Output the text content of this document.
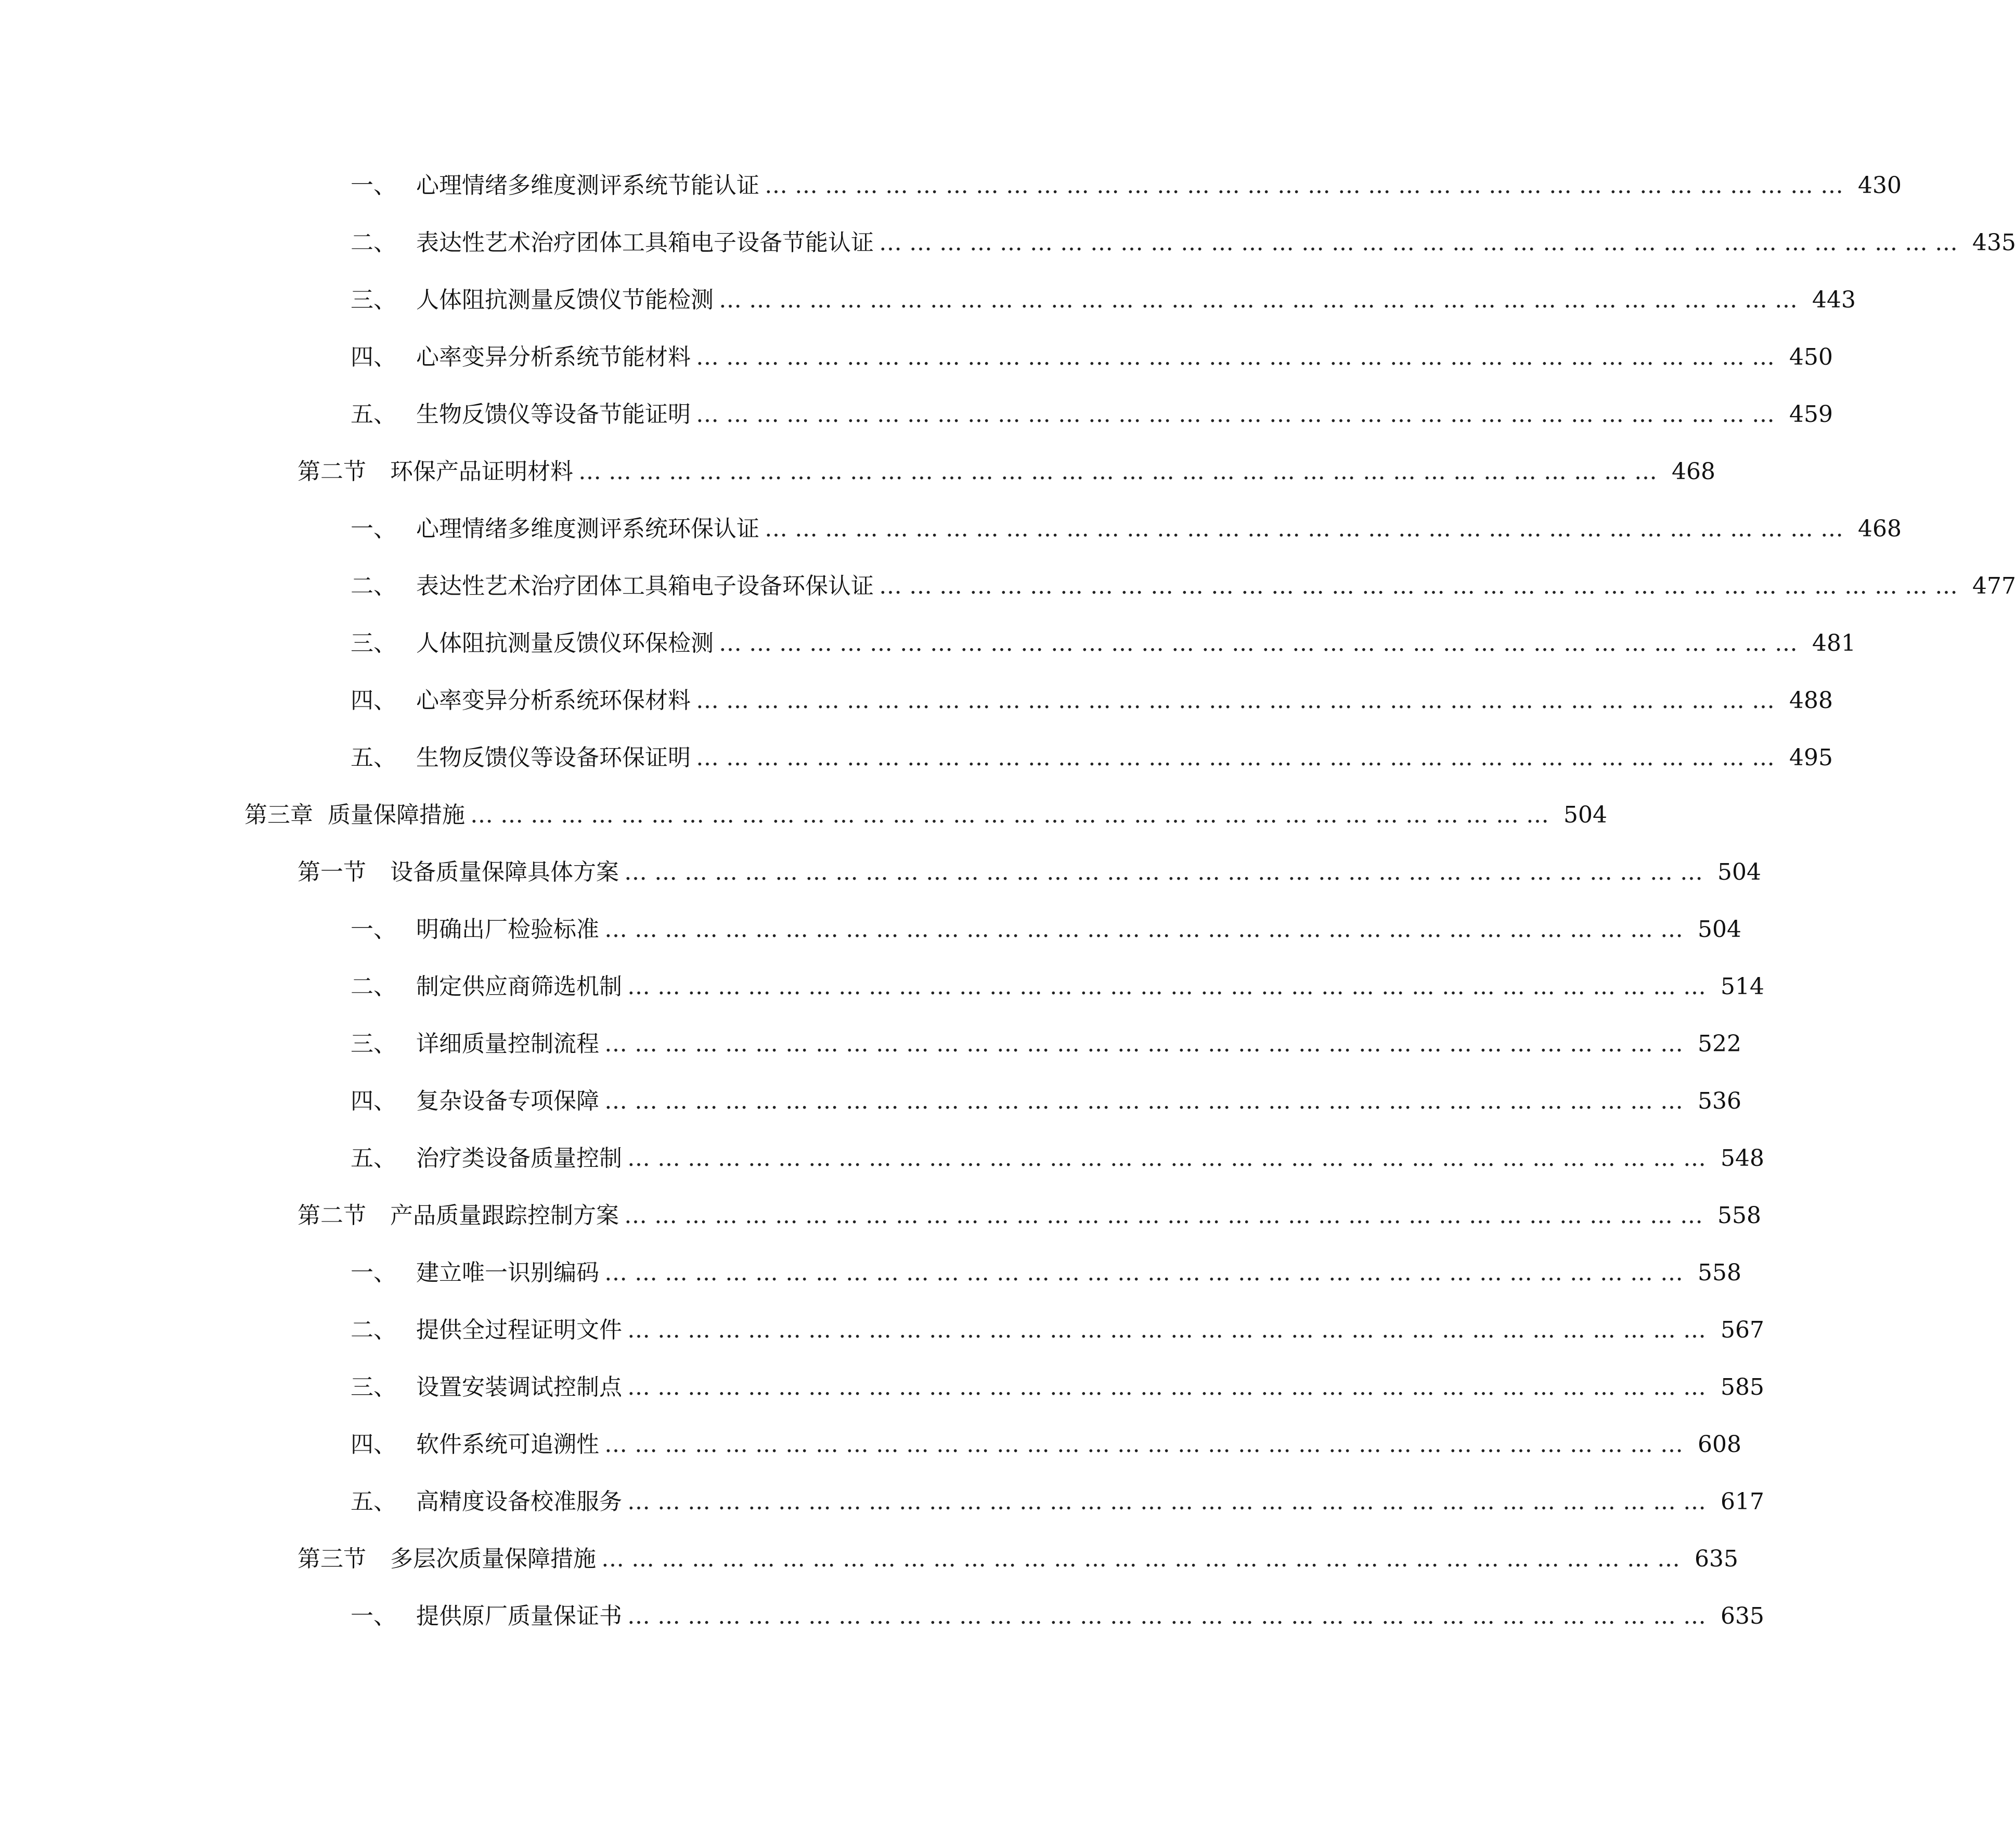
一、 心理情绪多维度测评系统节能认证 ……………………………………………………………………………………………… 430
二、 表达性艺术治疗团体工具箱电子设备节能认证 ……………………………………………………………………………………………… 435
三、 人体阻抗测量反馈仪节能检测 ……………………………………………………………………………………………… 443
四、 心率变异分析系统节能材料 ……………………………………………………………………………………………… 450
五、 生物反馈仪等设备节能证明 ……………………………………………………………………………………………… 459
第二节	环保产品证明材料 ……………………………………………………………………………………………… 468
一、 心理情绪多维度测评系统环保认证 ……………………………………………………………………………………………… 468
二、 表达性艺术治疗团体工具箱电子设备环保认证 ……………………………………………………………………………………………… 477
三、 人体阻抗测量反馈仪环保检测 ……………………………………………………………………………………………… 481
四、 心率变异分析系统环保材料 ……………………………………………………………………………………………… 488
五、 生物反馈仪等设备环保证明 ……………………………………………………………………………………………… 495
第三章 质量保障措施 ……………………………………………………………………………………………… 504
第一节	设备质量保障具体方案 ……………………………………………………………………………………………… 504
一、 明确出厂检验标准 ……………………………………………………………………………………………… 504
二、 制定供应商筛选机制 ……………………………………………………………………………………………… 514
三、 详细质量控制流程 ……………………………………………………………………………………………… 522
四、 复杂设备专项保障 ……………………………………………………………………………………………… 536
五、 治疗类设备质量控制 ……………………………………………………………………………………………… 548
第二节	产品质量跟踪控制方案 ……………………………………………………………………………………………… 558
一、 建立唯一识别编码 ……………………………………………………………………………………………… 558
二、 提供全过程证明文件 ……………………………………………………………………………………………… 567
三、 设置安装调试控制点 ……………………………………………………………………………………………… 585
四、 软件系统可追溯性 ……………………………………………………………………………………………… 608
五、 高精度设备校准服务 ……………………………………………………………………………………………… 617
第三节	多层次质量保障措施 ……………………………………………………………………………………………… 635
一、 提供原厂质量保证书 ……………………………………………………………………………………………… 635
